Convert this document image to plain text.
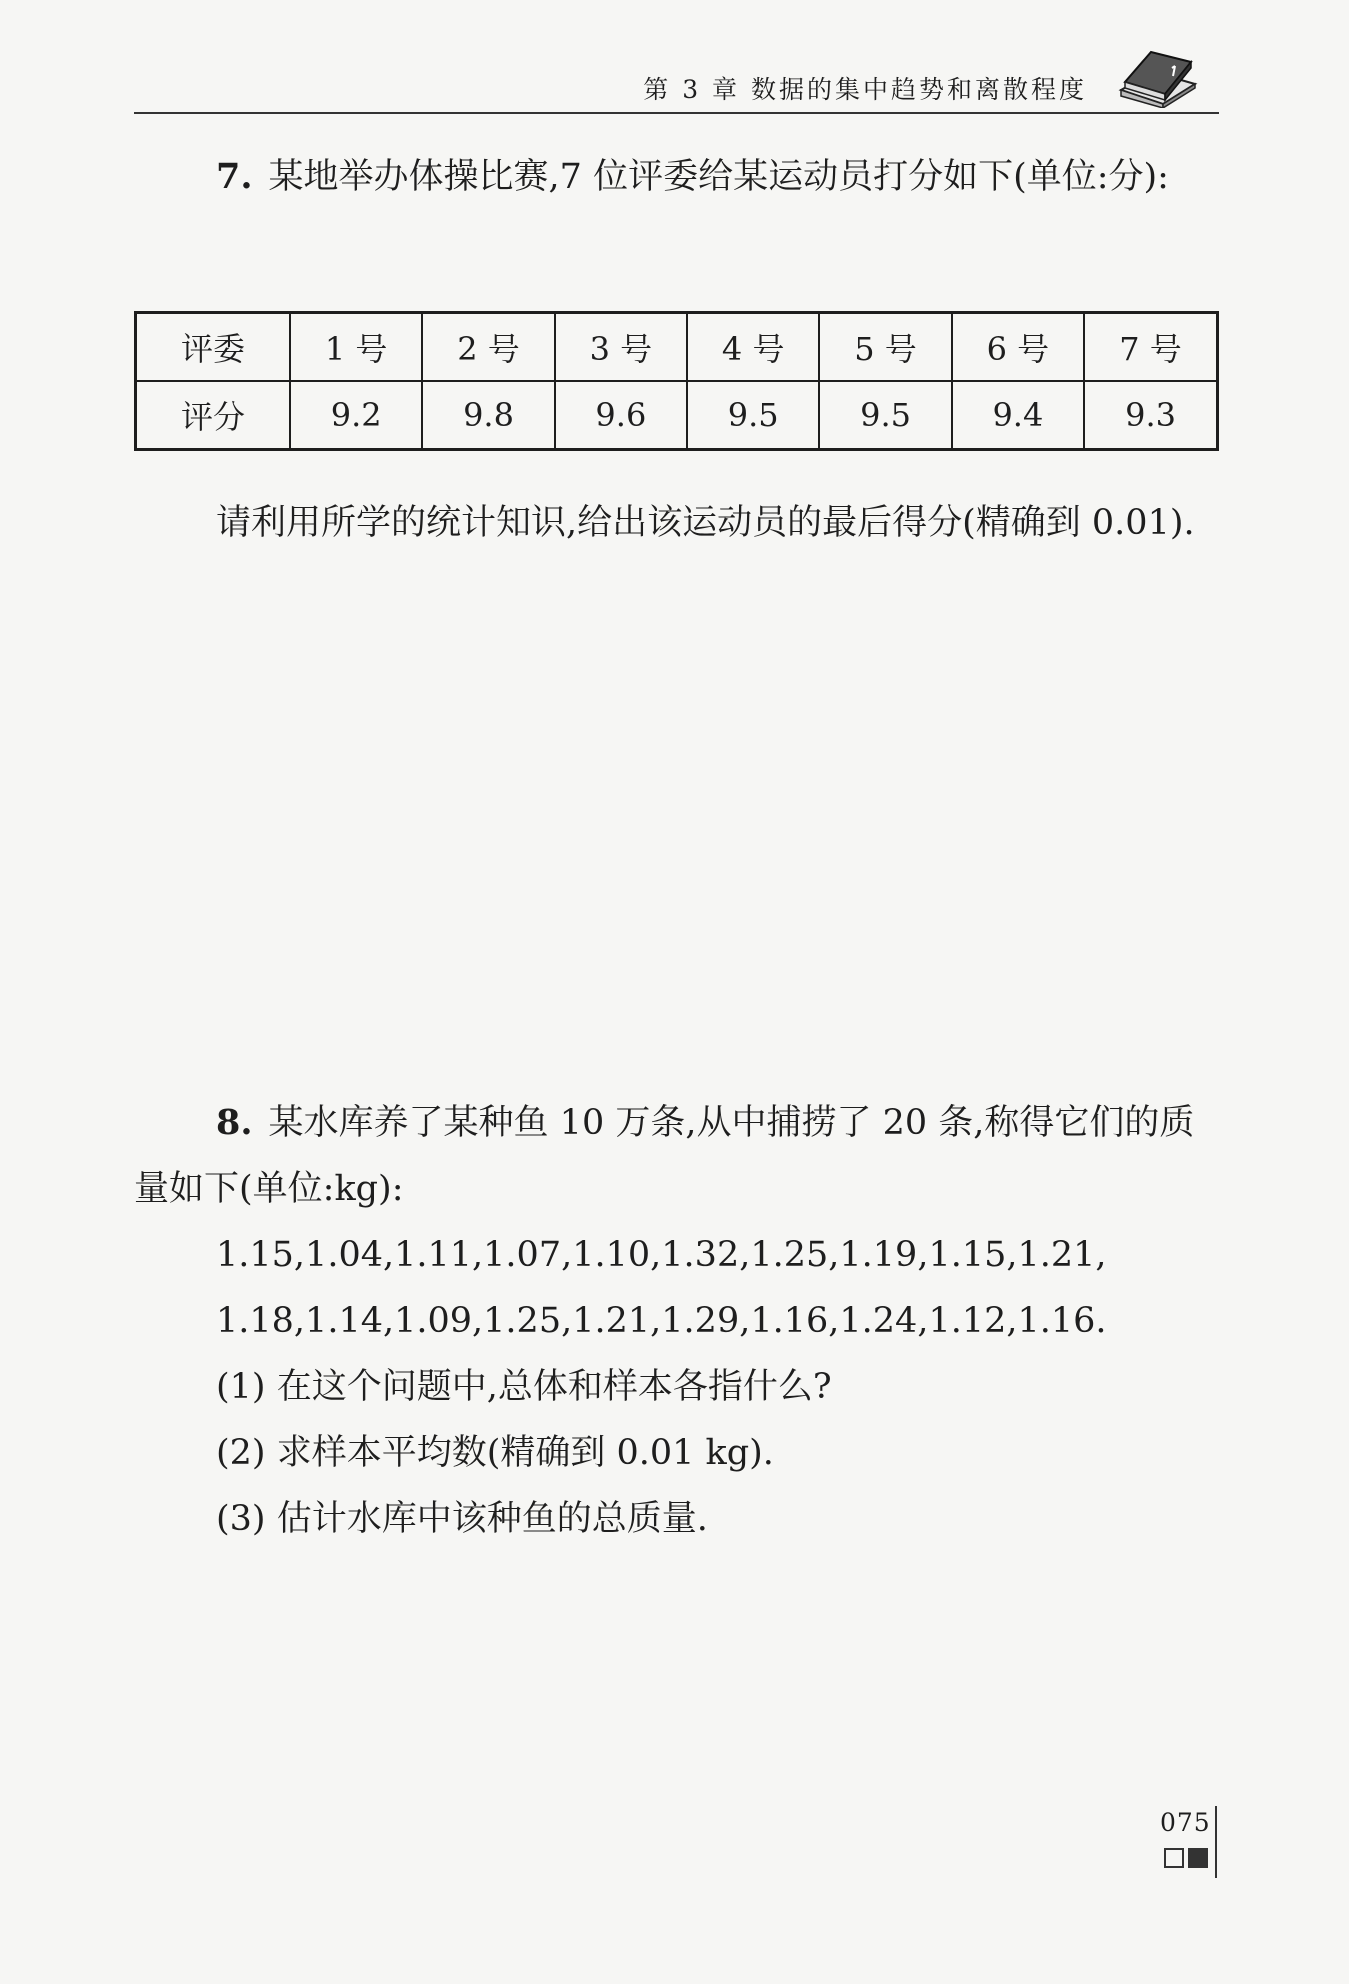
第 3 章 数据的集中趋势和离散程度

7. 某地举办体操比赛,7 位评委给某运动员打分如下(单位:分):

评委	1 号	2 号	3 号	4 号	5 号	6 号	7 号
评分	9.2	9.8	9.6	9.5	9.5	9.4	9.3

请利用所学的统计知识,给出该运动员的最后得分(精确到 0.01).

8. 某水库养了某种鱼 10 万条,从中捕捞了 20 条,称得它们的质量如下(单位:kg):

1.15,1.04,1.11,1.07,1.10,1.32,1.25,1.19,1.15,1.21,

1.18,1.14,1.09,1.25,1.21,1.29,1.16,1.24,1.12,1.16.

(1) 在这个问题中,总体和样本各指什么?

(2) 求样本平均数(精确到 0.01 kg).

(3) 估计水库中该种鱼的总质量.

075
